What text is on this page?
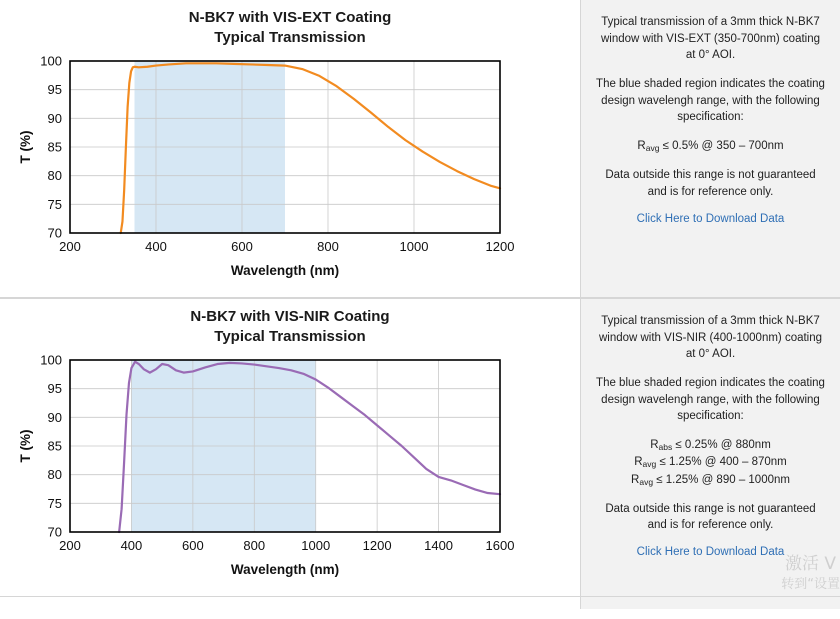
N-BK7 with VIS-EXT Coating
Typical Transmission
70
75
80
85
90
95
100
200	400	600	800	1000	1200
Wavelength (nm)
T (%)

Typical transmission of a 3mm thick N-BK7 window with VIS-EXT (350-700nm) coating at 0° AOI.

The blue shaded region indicates the coating design wavelengh range, with the following specification:

$R_{avg} \le 0.5\%$ @ 350 – 700nm

Data outside this range is not guaranteed and is for reference only.

Click Here to Download Data
N-BK7 with VIS-NIR Coating
Typical Transmission
70
75
80
85
90
95
100
200	400	600	800	1000	1200	1400	1600
Wavelength (nm)
T (%)

Typical transmission of a 3mm thick N-BK7 window with VIS-NIR (400-1000nm) coating at 0° AOI.

The blue shaded region indicates the coating design wavelengh range, with the following specification:

$R_{abs} \le 0.25\%$ @ 880nm
$R_{avg} \le 1.25\%$ @ 400 – 870nm
$R_{avg} \le 1.25\%$ @ 890 – 1000nm

Data outside this range is not guaranteed and is for reference only.

Click Here to Download Data
激活 V
转到“设置
